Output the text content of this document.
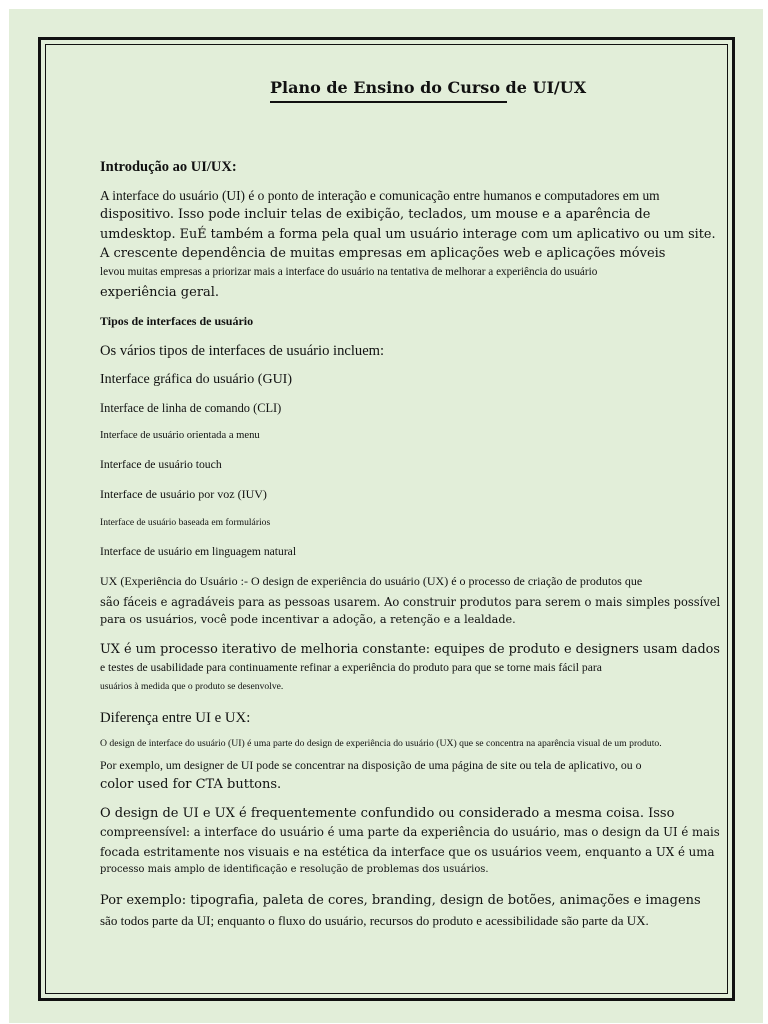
Plano de Ensino do Curso de UI/UX
Introdução ao UI/UX:
A interface do usuário (UI) é o ponto de interação e comunicação entre humanos e computadores em um
dispositivo. Isso pode incluir telas de exibição, teclados, um mouse e a aparência de
umdesktop. EuÉ também a forma pela qual um usuário interage com um aplicativo ou um site.
A crescente dependência de muitas empresas em aplicações web e aplicações móveis
levou muitas empresas a priorizar mais a interface do usuário na tentativa de melhorar a experiência do usuário
experiência geral.
Tipos de interfaces de usuário
Os vários tipos de interfaces de usuário incluem:
Interface gráfica do usuário (GUI)
Interface de linha de comando (CLI)
Interface de usuário orientada a menu
Interface de usuário touch
Interface de usuário por voz (IUV)
Interface de usuário baseada em formulários
Interface de usuário em linguagem natural
UX (Experiência do Usuário :- O design de experiência do usuário (UX) é o processo de criação de produtos que
são fáceis e agradáveis para as pessoas usarem. Ao construir produtos para serem o mais simples possível
para os usuários, você pode incentivar a adoção, a retenção e a lealdade.
UX é um processo iterativo de melhoria constante: equipes de produto e designers usam dados
e testes de usabilidade para continuamente refinar a experiência do produto para que se torne mais fácil para
usuários à medida que o produto se desenvolve.
Diferença entre UI e UX:
O design de interface do usuário (UI) é uma parte do design de experiência do usuário (UX) que se concentra na aparência visual de um produto.
Por exemplo, um designer de UI pode se concentrar na disposição de uma página de site ou tela de aplicativo, ou o
color used for CTA buttons.
O design de UI e UX é frequentemente confundido ou considerado a mesma coisa. Isso
compreensível: a interface do usuário é uma parte da experiência do usuário, mas o design da UI é mais
focada estritamente nos visuais e na estética da interface que os usuários veem, enquanto a UX é uma
processo mais amplo de identificação e resolução de problemas dos usuários.
Por exemplo: tipografia, paleta de cores, branding, design de botões, animações e imagens
são todos parte da UI; enquanto o fluxo do usuário, recursos do produto e acessibilidade são parte da UX.
